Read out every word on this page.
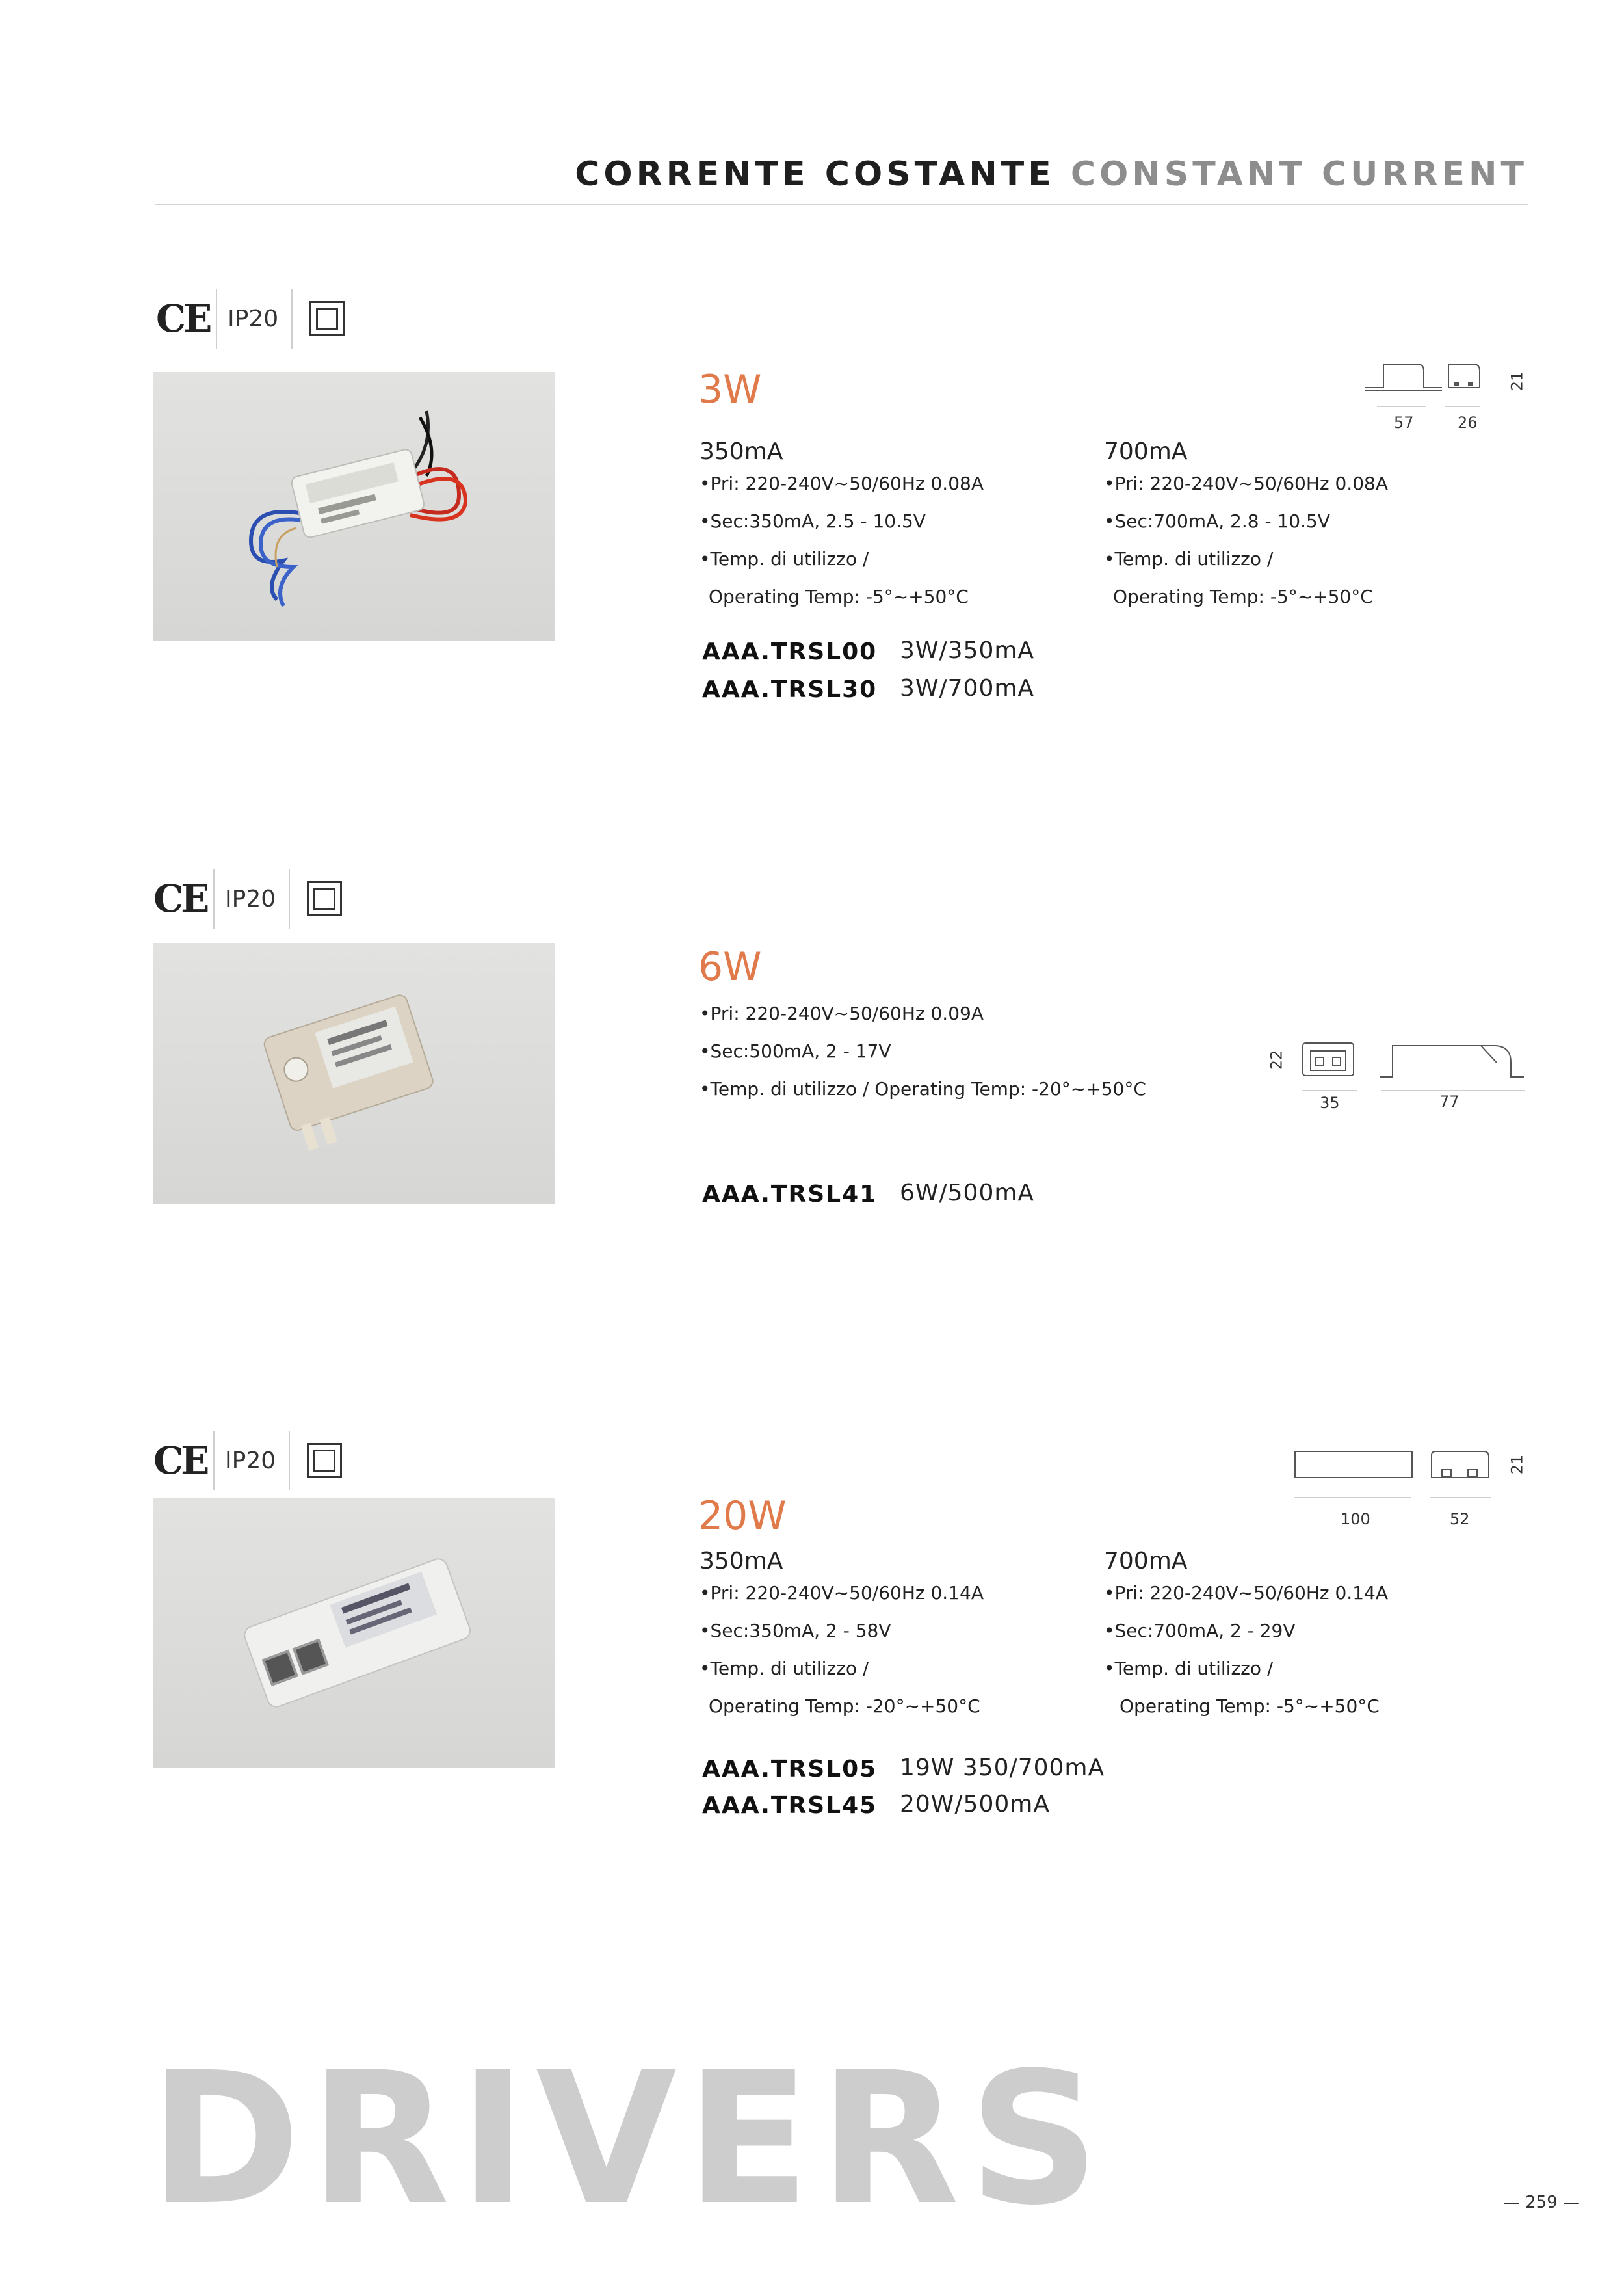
CORRENTE COSTANTE CONSTANT CURRENT
CE IP20
3W
57	26
21
350mA
•Pri: 220-240V~50/60Hz 0.08A
•Sec:350mA, 2.5 - 10.5V
•Temp. di utilizzo /
Operating Temp: -5°~+50°C
700mA
•Pri: 220-240V~50/60Hz 0.08A
•Sec:700mA, 2.8 - 10.5V
•Temp. di utilizzo /
Operating Temp: -5°~+50°C
AAA.TRSL00 3W/350mA
AAA.TRSL30 3W/700mA
CE IP20
6W
•Pri: 220-240V~50/60Hz 0.09A
•Sec:500mA, 2 - 17V
•Temp. di utilizzo / Operating Temp: -20°~+50°C
35	77
22
AAA.TRSL41 6W/500mA
CE IP20
20W	100	52
21
350mA
•Pri: 220-240V~50/60Hz 0.14A
•Sec:350mA, 2 - 58V
•Temp. di utilizzo /
Operating Temp: -20°~+50°C
700mA
•Pri: 220-240V~50/60Hz 0.14A
•Sec:700mA, 2 - 29V
•Temp. di utilizzo /
Operating Temp: -5°~+50°C
AAA.TRSL05 19W 350/700mA
AAA.TRSL45 20W/500mA
DRIVERS	— 259 —
